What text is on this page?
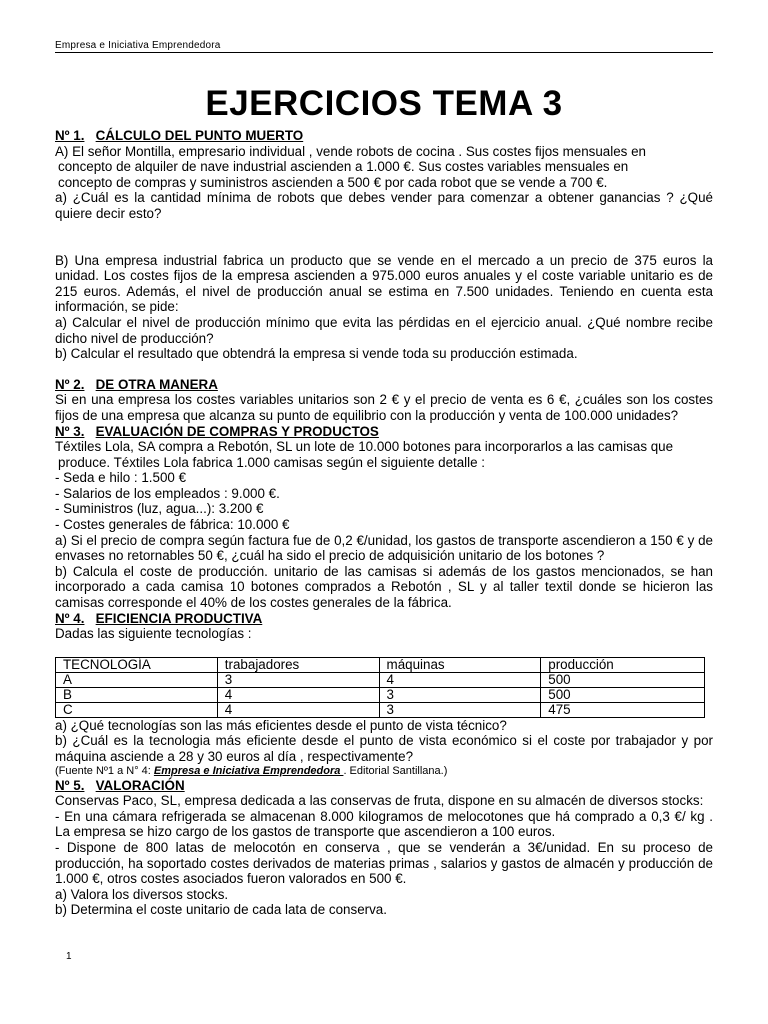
Empresa e Iniciativa Emprendedora
EJERCICIOS TEMA 3

Nº 1. CÁLCULO DEL PUNTO MUERTO

A) El señor Montilla, empresario individual , vende robots de cocina . Sus costes fijos mensuales en

concepto de alquiler de nave industrial ascienden a 1.000 €. Sus costes variables mensuales en

concepto de compras y suministros ascienden a 500 € por cada robot que se vende a 700 €.

a) ¿Cuál es la cantidad mínima de robots que debes vender para comenzar a obtener ganancias ? ¿Qué quiere decir esto?

B) Una empresa industrial fabrica un producto que se vende en el mercado a un precio de 375 euros la unidad. Los costes fijos de la empresa ascienden a 975.000 euros anuales y el coste variable unitario es de 215 euros. Además, el nivel de producción anual se estima en 7.500 unidades. Teniendo en cuenta esta información, se pide:

a) Calcular el nivel de producción mínimo que evita las pérdidas en el ejercicio anual. ¿Qué nombre recibe dicho nivel de producción?

b) Calcular el resultado que obtendrá la empresa si vende toda su producción estimada.

Nº 2. DE OTRA MANERA

Si en una empresa los costes variables unitarios son 2 € y el precio de venta es 6 €, ¿cuáles son los costes fijos de una empresa que alcanza su punto de equilibrio con la producción y venta de 100.000 unidades?

Nº 3. EVALUACIÓN DE COMPRAS Y PRODUCTOS

Téxtiles Lola, SA compra a Rebotón, SL un lote de 10.000 botones para incorporarlos a las camisas que

produce. Téxtiles Lola fabrica 1.000 camisas según el siguiente detalle :

- Seda e hilo : 1.500 €

- Salarios de los empleados : 9.000 €.

- Suministros (luz, agua...): 3.200 €

- Costes generales de fábrica: 10.000 €

a) Si el precio de compra según factura fue de 0,2 €/unidad, los gastos de transporte ascendieron a 150 € y de envases no retornables 50 €, ¿cuál ha sido el precio de adquisición unitario de los botones ?

b) Calcula el coste de producción. unitario de las camisas si además de los gastos mencionados, se han incorporado a cada camisa 10 botones comprados a Rebotón , SL y al taller textil donde se hicieron las camisas corresponde el 40% de los costes generales de la fábrica.

Nº 4. EFICIENCIA PRODUCTIVA

Dadas las siguiente tecnologías :

TECNOLOGÍA	trabajadores	máquinas	producción
A	3	4	500
B	4	3	500
C	4	3	475

a) ¿Qué tecnologías son las más eficientes desde el punto de vista técnico?

b) ¿Cuál es la tecnologia más eficiente desde el punto de vista económico si el coste por trabajador y por máquina asciende a 28 y 30 euros al día , respectivamente?

(Fuente Nº1 a N° 4: Empresa e Iniciativa Emprendedora . Editorial Santillana.)

Nº 5. VALORACIÓN

Conservas Paco, SL, empresa dedicada a las conservas de fruta, dispone en su almacén de diversos stocks:

- En una cámara refrigerada se almacenan 8.000 kilogramos de melocotones que há comprado a 0,3 €/ kg . La empresa se hizo cargo de los gastos de transporte que ascendieron a 100 euros.

- Dispone de 800 latas de melocotón en conserva , que se venderán a 3€/unidad. En su proceso de producción, ha soportado costes derivados de materias primas , salarios y gastos de almacén y producción de 1.000 €, otros costes asociados fueron valorados en 500 €.

a) Valora los diversos stocks.

b) Determina el coste unitario de cada lata de conserva.

1
